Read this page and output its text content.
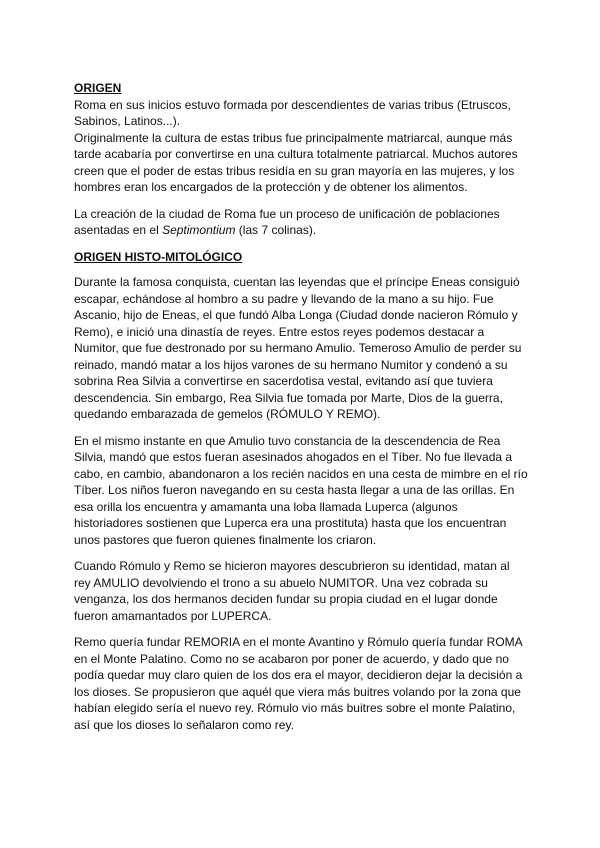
ORIGEN

Roma en sus inicios estuvo formada por descendientes de varias tribus (Etruscos, Sabinos, Latinos...).

Originalmente la cultura de estas tribus fue principalmente matriarcal, aunque más tarde acabaría por convertirse en una cultura totalmente patriarcal. Muchos autores creen que el poder de estas tribus residía en su gran mayoría en las mujeres, y los hombres eran los encargados de la protección y de obtener los alimentos.

La creación de la ciudad de Roma fue un proceso de unificación de poblaciones asentadas en el Septimontium (las 7 colinas).

ORIGEN HISTO-MITOLÓGICO

Durante la famosa conquista, cuentan las leyendas que el príncipe Eneas consiguió escapar, echándose al hombro a su padre y llevando de la mano a su hijo. Fue Ascanio, hijo de Eneas, el que fundó Alba Longa (Ciudad donde nacieron Rómulo y Remo), e inició una dinastía de reyes. Entre estos reyes podemos destacar a Numitor, que fue destronado por su hermano Amulio. Temeroso Amulio de perder su reinado, mandó matar a los hijos varones de su hermano Numitor y condenó a su sobrina Rea Silvia a convertirse en sacerdotisa vestal, evitando así que tuviera descendencia. Sin embargo, Rea Silvia fue tomada por Marte, Dios de la guerra, quedando embarazada de gemelos (RÓMULO Y REMO).

En el mismo instante en que Amulio tuvo constancia de la descendencia de Rea Silvia, mandó que estos fueran asesinados ahogados en el Tíber. No fue llevada a cabo, en cambio, abandonaron a los recién nacidos en una cesta de mimbre en el río Tíber. Los niños fueron navegando en su cesta hasta llegar a una de las orillas. En esa orilla los encuentra y amamanta una loba llamada Luperca (algunos historiadores sostienen que Luperca era una prostituta) hasta que los encuentran unos pastores que fueron quienes finalmente los criaron.

Cuando Rómulo y Remo se hicieron mayores descubrieron su identidad, matan al rey AMULIO devolviendo el trono a su abuelo NUMITOR. Una vez cobrada su venganza, los dos hermanos deciden fundar su propia ciudad en el lugar donde fueron amamantados por LUPERCA.

Remo quería fundar REMORIA en el monte Avantino y Rómulo quería fundar ROMA en el Monte Palatino. Como no se acabaron por poner de acuerdo, y dado que no podía quedar muy claro quien de los dos era el mayor, decidieron dejar la decisión a los dioses. Se propusieron que aquél que viera más buitres volando por la zona que habían elegido sería el nuevo rey. Rómulo vio más buitres sobre el monte Palatino, así que los dioses lo señalaron como rey.
